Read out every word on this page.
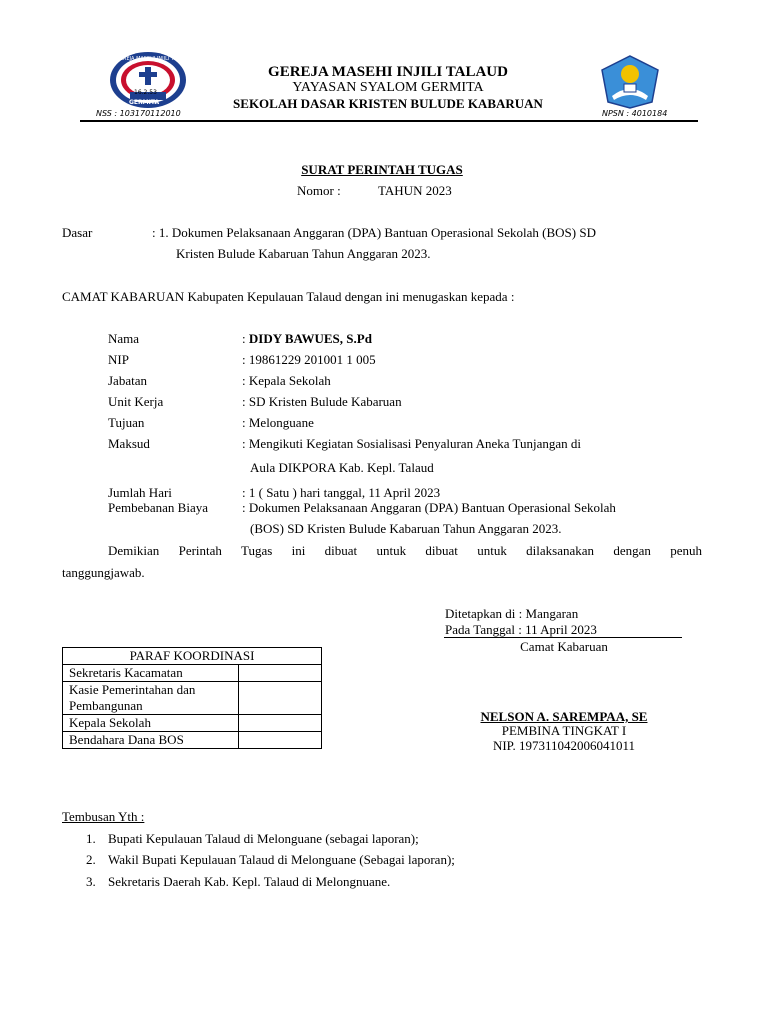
GERMITA
16.2.53
GEREJA MASEHI INJILI TALAUD
GEREJA MASEHI INJILI TALAUD
YAYASAN SYALOM GERMITA
SEKOLAH DASAR KRISTEN BULUDE KABARUAN
NSS : 103170112010	NPSN : 4010184
SURAT PERINTAH TUGAS
Nomor :	TAHUN 2023
Dasar	: 1. Dokumen Pelaksanaan Anggaran (DPA) Bantuan Operasional Sekolah (BOS) SD
Kristen Bulude Kabaruan Tahun Anggaran 2023.
CAMAT KABARUAN Kabupaten Kepulauan Talaud dengan ini menugaskan kepada :
Nama	: DIDY BAWUES, S.Pd
NIP	: 19861229 201001 1 005
Jabatan	: Kepala Sekolah
Unit Kerja	: SD Kristen Bulude Kabaruan
Tujuan	: Melonguane
Maksud	: Mengikuti Kegiatan Sosialisasi Penyaluran Aneka Tunjangan di
Aula DIKPORA Kab. Kepl. Talaud
Jumlah Hari	: 1 ( Satu ) hari tanggal, 11 April 2023
Pembebanan Biaya	: Dokumen Pelaksanaan Anggaran (DPA) Bantuan Operasional Sekolah
(BOS) SD Kristen Bulude Kabaruan Tahun Anggaran 2023.
Demikian Perintah Tugas ini dibuat untuk dibuat untuk dilaksanakan dengan penuh
tanggungjawab.
Ditetapkan di : Mangaran
Pada Tanggal : 11 April 2023
Camat Kabaruan
NELSON A. SAREMPAA, SE
PEMBINA TINGKAT I
NIP. 197311042006041011
PARAF KOORDINASI	
Sekretaris Kacamatan	
Kasie Pemerintahan dan	
Pembangunan	
Kepala Sekolah	
Bendahara Dana BOS	
Tembusan Yth :
1. Bupati Kepulauan Talaud di Melonguane (sebagai laporan);
2. Wakil Bupati Kepulauan Talaud di Melonguane (Sebagai laporan);
3. Sekretaris Daerah Kab. Kepl. Talaud di Melongnuane.
